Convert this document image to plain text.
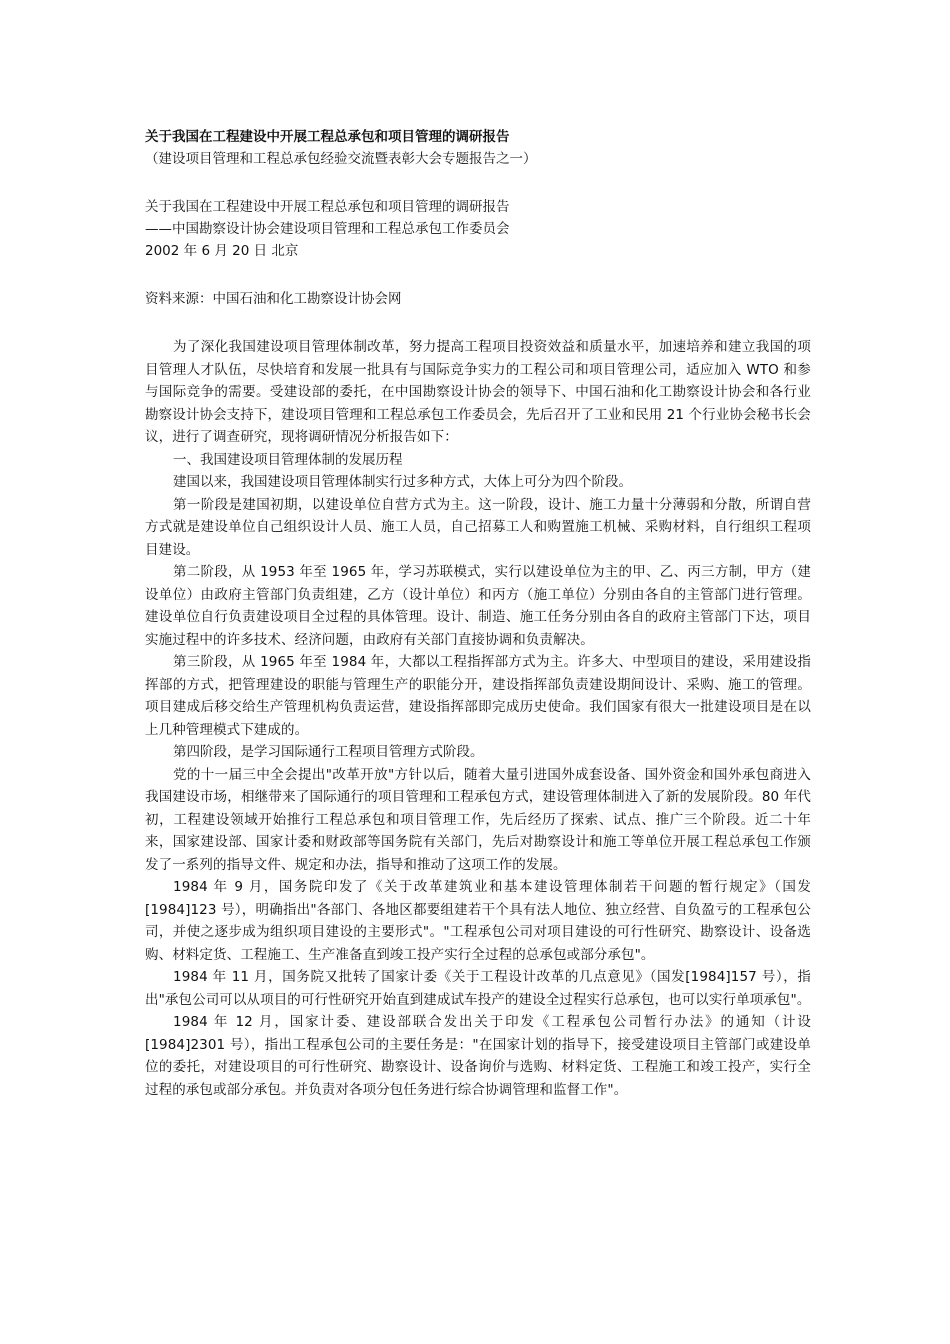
关于我国在工程建设中开展工程总承包和项目管理的调研报告

（建设项目管理和工程总承包经验交流暨表彰大会专题报告之一）

关于我国在工程建设中开展工程总承包和项目管理的调研报告

——中国勘察设计协会建设项目管理和工程总承包工作委员会

2002 年 6 月 20 日 北京

资料来源：中国石油和化工勘察设计协会网

为了深化我国建设项目管理体制改革，努力提高工程项目投资效益和质量水平，加速培养和建立我国的项目管理人才队伍，尽快培育和发展一批具有与国际竞争实力的工程公司和项目管理公司，适应加入 WTO 和参与国际竞争的需要。受建设部的委托，在中国勘察设计协会的领导下、中国石油和化工勘察设计协会和各行业勘察设计协会支持下，建设项目管理和工程总承包工作委员会，先后召开了工业和民用 21 个行业协会秘书长会议，进行了调查研究，现将调研情况分析报告如下：

一、我国建设项目管理体制的发展历程

建国以来，我国建设项目管理体制实行过多种方式，大体上可分为四个阶段。

第一阶段是建国初期，以建设单位自营方式为主。这一阶段，设计、施工力量十分薄弱和分散，所谓自营方式就是建设单位自己组织设计人员、施工人员，自己招募工人和购置施工机械、采购材料，自行组织工程项目建设。

第二阶段，从 1953 年至 1965 年，学习苏联模式，实行以建设单位为主的甲、乙、丙三方制，甲方（建设单位）由政府主管部门负责组建，乙方（设计单位）和丙方（施工单位）分别由各自的主管部门进行管理。建设单位自行负责建设项目全过程的具体管理。设计、制造、施工任务分别由各自的政府主管部门下达，项目实施过程中的许多技术、经济问题，由政府有关部门直接协调和负责解决。

第三阶段，从 1965 年至 1984 年，大都以工程指挥部方式为主。许多大、中型项目的建设，采用建设指挥部的方式，把管理建设的职能与管理生产的职能分开，建设指挥部负责建设期间设计、采购、施工的管理。项目建成后移交给生产管理机构负责运营，建设指挥部即完成历史使命。我们国家有很大一批建设项目是在以上几种管理模式下建成的。

第四阶段，是学习国际通行工程项目管理方式阶段。

党的十一届三中全会提出"改革开放"方针以后，随着大量引进国外成套设备、国外资金和国外承包商进入我国建设市场，相继带来了国际通行的项目管理和工程承包方式，建设管理体制进入了新的发展阶段。80 年代初，工程建设领域开始推行工程总承包和项目管理工作，先后经历了探索、试点、推广三个阶段。近二十年来，国家建设部、国家计委和财政部等国务院有关部门，先后对勘察设计和施工等单位开展工程总承包工作颁发了一系列的指导文件、规定和办法，指导和推动了这项工作的发展。

1984 年 9 月，国务院印发了《关于改革建筑业和基本建设管理体制若干问题的暂行规定》（国发[1984]123 号），明确指出"各部门、各地区都要组建若干个具有法人地位、独立经营、自负盈亏的工程承包公司，并使之逐步成为组织项目建设的主要形式"。"工程承包公司对项目建设的可行性研究、勘察设计、设备选购、材料定货、工程施工、生产准备直到竣工投产实行全过程的总承包或部分承包"。

1984 年 11 月，国务院又批转了国家计委《关于工程设计改革的几点意见》（国发[1984]157 号），指出"承包公司可以从项目的可行性研究开始直到建成试车投产的建设全过程实行总承包，也可以实行单项承包"。

1984 年 12 月，国家计委、建设部联合发出关于印发《工程承包公司暂行办法》的通知（计设[1984]2301 号），指出工程承包公司的主要任务是："在国家计划的指导下，接受建设项目主管部门或建设单位的委托，对建设项目的可行性研究、勘察设计、设备询价与选购、材料定货、工程施工和竣工投产，实行全过程的承包或部分承包。并负责对各项分包任务进行综合协调管理和监督工作"。
